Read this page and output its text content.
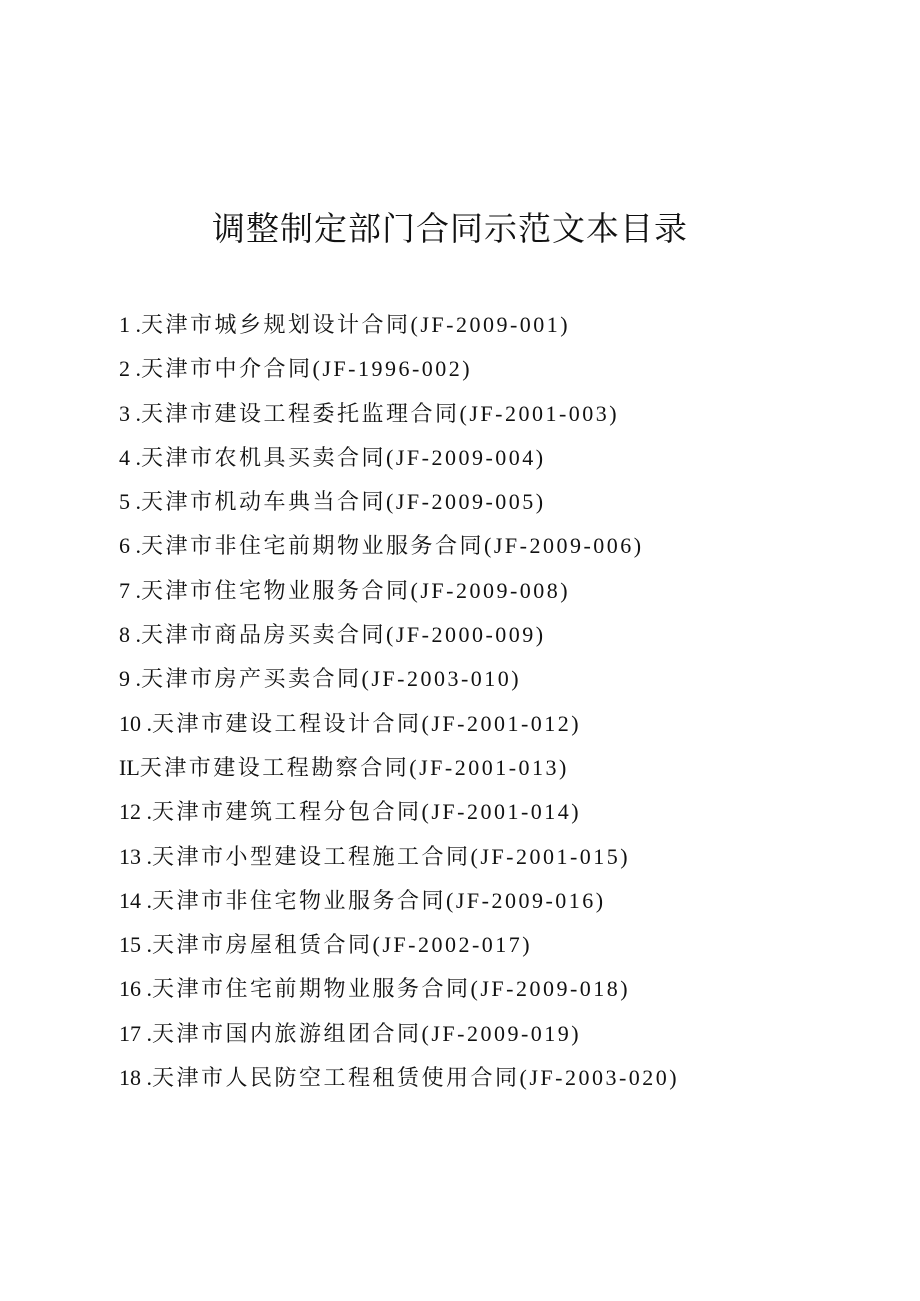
调整制定部门合同示范文本目录
1 .天津市城乡规划设计合同(JF-2009-001)
2 .天津市中介合同(JF-1996-002)
3 .天津市建设工程委托监理合同(JF-2001-003)
4 .天津市农机具买卖合同(JF-2009-004)
5 .天津市机动车典当合同(JF-2009-005)
6 .天津市非住宅前期物业服务合同(JF-2009-006)
7 .天津市住宅物业服务合同(JF-2009-008)
8 .天津市商品房买卖合同(JF-2000-009)
9 .天津市房产买卖合同(JF-2003-010)
10 .天津市建设工程设计合同(JF-2001-012)
IL天津市建设工程勘察合同(JF-2001-013)
12 .天津市建筑工程分包合同(JF-2001-014)
13 .天津市小型建设工程施工合同(JF-2001-015)
14 .天津市非住宅物业服务合同(JF-2009-016)
15 .天津市房屋租赁合同(JF-2002-017)
16 .天津市住宅前期物业服务合同(JF-2009-018)
17 .天津市国内旅游组团合同(JF-2009-019)
18 .天津市人民防空工程租赁使用合同(JF-2003-020)
